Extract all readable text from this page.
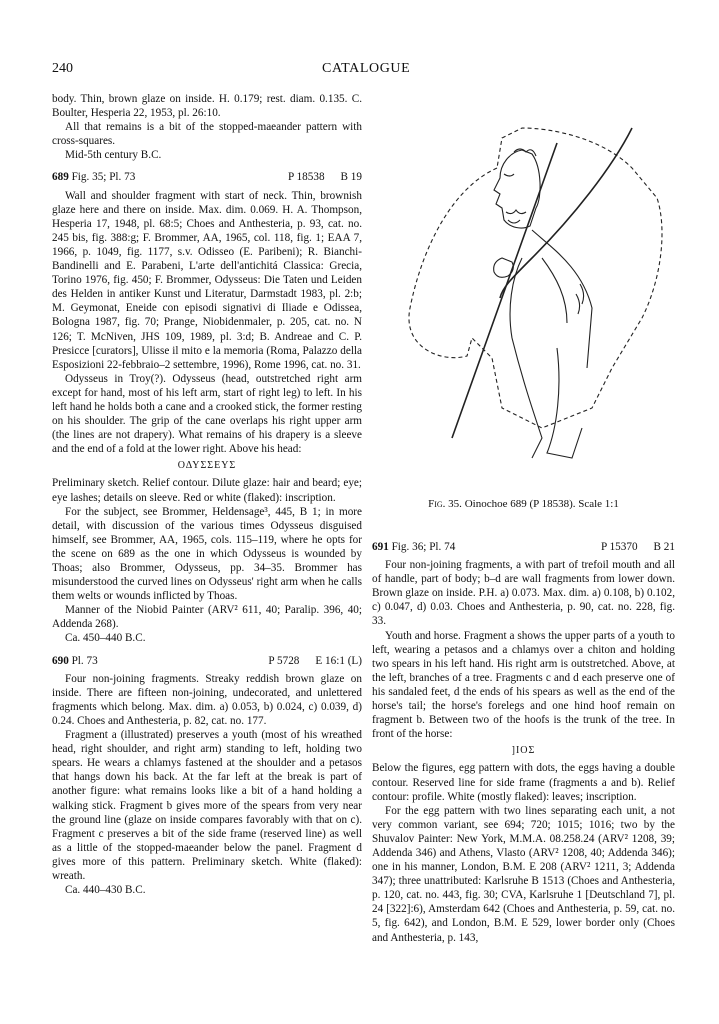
240	CATALOGUE

body. Thin, brown glaze on inside. H. 0.179; rest. diam. 0.135. C. Boulter, Hesperia 22, 1953, pl. 26:10.

All that remains is a bit of the stopped-maeander pattern with cross-squares.

Mid-5th century B.C.

689 Fig. 35; Pl. 73	P 18538 B 19

Wall and shoulder fragment with start of neck. Thin, brownish glaze here and there on inside. Max. dim. 0.069. H. A. Thompson, Hesperia 17, 1948, pl. 68:5; Choes and Anthesteria, p. 93, cat. no. 245 bis, fig. 388:g; F. Brommer, AA, 1965, col. 118, fig. 1; EAA 7, 1966, p. 1049, fig. 1177, s.v. Odisseo (E. Paribeni); R. Bianchi-Bandinelli and E. Parabeni, L'arte dell'antichitá Classica: Grecia, Torino 1976, fig. 450; F. Brommer, Odysseus: Die Taten und Leiden des Helden in antiker Kunst und Literatur, Darmstadt 1983, pl. 2:b; M. Geymonat, Eneide con episodi signativi di Iliade e Odissea, Bologna 1987, fig. 70; Prange, Niobidenmaler, p. 205, cat. no. N 126; T. McNiven, JHS 109, 1989, pl. 3:d; B. Andreae and C. P. Presicce [curators], Ulisse il mito e la memoria (Roma, Palazzo della Esposizioni 22-febbraio–2 settembre, 1996), Rome 1996, cat. no. 31.

Odysseus in Troy(?). Odysseus (head, outstretched right arm except for hand, most of his left arm, start of right leg) to left. In his left hand he holds both a cane and a crooked stick, the former resting on his shoulder. The grip of the cane overlaps his right upper arm (the lines are not drapery). What remains of his drapery is a sleeve and the end of a fold at the lower right. Above his head:

ΟΔΥΣΣΕΥΣ

Preliminary sketch. Relief contour. Dilute glaze: hair and beard; eye; eye lashes; details on sleeve. Red or white (flaked): inscription.

For the subject, see Brommer, Heldensage³, 445, B 1; in more detail, with discussion of the various times Odysseus disguised himself, see Brommer, AA, 1965, cols. 115–119, where he opts for the scene on 689 as the one in which Odysseus is wounded by Thoas; also Brommer, Odysseus, pp. 34–35. Brommer has misunderstood the curved lines on Odysseus' right arm when he calls them welts or wounds inflicted by Thoas.

Manner of the Niobid Painter (ARV² 611, 40; Paralip. 396, 40; Addenda 268).

Ca. 450–440 B.C.

690 Pl. 73	P 5728 E 16:1 (L)

Four non-joining fragments. Streaky reddish brown glaze on inside. There are fifteen non-joining, undecorated, and unlettered fragments which belong. Max. dim. a) 0.053, b) 0.024, c) 0.039, d) 0.24. Choes and Anthesteria, p. 82, cat. no. 177.

Fragment a (illustrated) preserves a youth (most of his wreathed head, right shoulder, and right arm) standing to left, holding two spears. He wears a chlamys fastened at the shoulder and a petasos that hangs down his back. At the far left at the break is part of another figure: what remains looks like a bit of a hand holding a walking stick. Fragment b gives more of the spears from very near the ground line (glaze on inside compares favorably with that on c). Fragment c preserves a bit of the side frame (reserved line) as well as a little of the stopped-maeander below the panel. Fragment d gives more of this pattern. Preliminary sketch. White (flaked): wreath.

Ca. 440–430 B.C.

Fig. 35. Oinochoe 689 (P 18538). Scale 1:1
691 Fig. 36; Pl. 74	P 15370 B 21

Four non-joining fragments, a with part of trefoil mouth and all of handle, part of body; b–d are wall fragments from lower down. Brown glaze on inside. P.H. a) 0.073. Max. dim. a) 0.108, b) 0.102, c) 0.047, d) 0.03. Choes and Anthesteria, p. 90, cat. no. 228, fig. 33.

Youth and horse. Fragment a shows the upper parts of a youth to left, wearing a petasos and a chlamys over a chiton and holding two spears in his left hand. His right arm is outstretched. Above, at the left, branches of a tree. Fragments c and d each preserve one of his sandaled feet, d the ends of his spears as well as the end of the horse's tail; the horse's forelegs and one hind hoof remain on fragment b. Between two of the hoofs is the trunk of the tree. In front of the horse:

]ΙΟΣ

Below the figures, egg pattern with dots, the eggs having a double contour. Reserved line for side frame (fragments a and b). Relief contour: profile. White (mostly flaked): leaves; inscription.

For the egg pattern with two lines separating each unit, a not very common variant, see 694; 720; 1015; 1016; two by the Shuvalov Painter: New York, M.M.A. 08.258.24 (ARV² 1208, 39; Addenda 346) and Athens, Vlasto (ARV² 1208, 40; Addenda 346); one in his manner, London, B.M. E 208 (ARV² 1211, 3; Addenda 347); three unattributed: Karlsruhe B 1513 (Choes and Anthesteria, p. 120, cat. no. 443, fig. 30; CVA, Karlsruhe 1 [Deutschland 7], pl. 24 [322]:6), Amsterdam 642 (Choes and Anthesteria, p. 59, cat. no. 5, fig. 642), and London, B.M. E 529, lower border only (Choes and Anthesteria, p. 143,
